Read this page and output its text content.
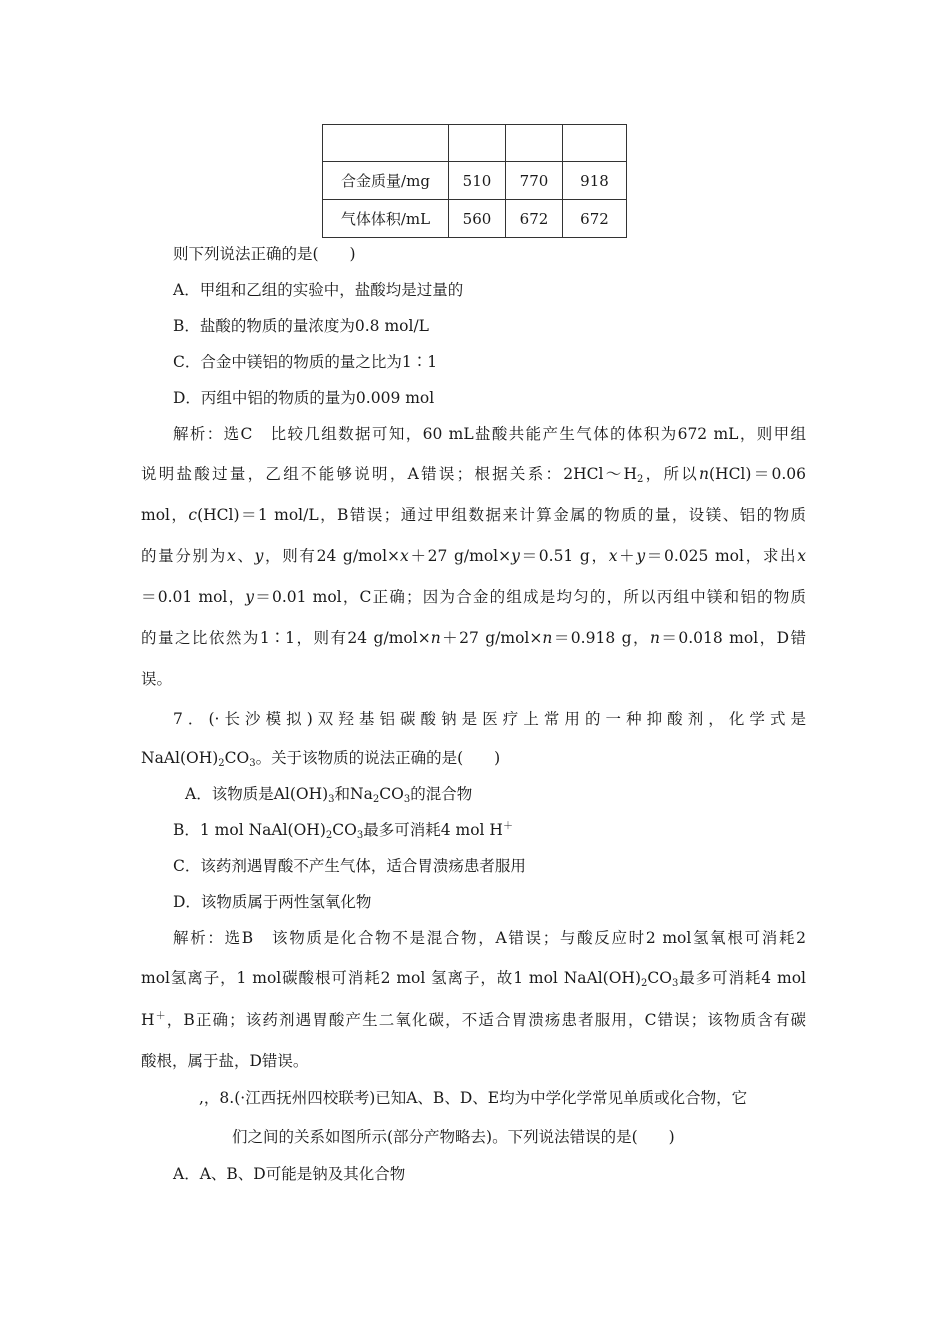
合金质量/mg	510	770	918
气体体积/mL	560	672	672
则下列说法正确的是(　　)
A．甲组和乙组的实验中，盐酸均是过量的
B．盐酸的物质的量浓度为0.8 mol/L
C．合金中镁铝的物质的量之比为1∶1
D．丙组中铝的物质的量为0.009 mol
解析：选C　比较几组数据可知，60 mL盐酸共能产生气体的体积为672 mL，则甲组
说明盐酸过量，乙组不能够说明，A错误；根据关系：$2HCl\sim H_2$，所以n(HCl)＝0.06
mol，c(HCl)＝1 mol/L，B错误；通过甲组数据来计算金属的物质的量，设镁、铝的物质
的量分别为x、y，则有24 g/mol×x＋27 g/mol×y＝0.51 g，x＋y＝0.025 mol，求出x
＝0.01 mol，y＝0.01 mol，C正确；因为合金的组成是均匀的，所以丙组中镁和铝的物质
的量之比依然为1∶1，则有24 g/mol×n＋27 g/mol×n＝0.918 g，n＝0.018 mol，D错
误。
7．(·长沙模拟)双羟基铝碳酸钠是医疗上常用的一种抑酸剂，化学式是
$NaAl(OH)_2CO_3$。关于该物质的说法正确的是(　　)
A．该物质是$Al(OH)_3$和$Na_2CO_3$的混合物
B．1 mol $NaAl(OH)_2CO_3$最多可消耗4 mol H＋
C．该药剂遇胃酸不产生气体，适合胃溃疡患者服用
D．该物质属于两性氢氧化物
解析：选B　该物质是化合物不是混合物，A错误；与酸反应时2 mol氢氧根可消耗2
mol氢离子，1 mol碳酸根可消耗2 mol 氢离子，故1 mol $NaAl(OH)_2CO_3$最多可消耗4 mol
H＋，B正确；该药剂遇胃酸产生二氧化碳，不适合胃溃疡患者服用，C错误；该物质含有碳
酸根，属于盐，D错误。
,，8.(·江西抚州四校联考)已知A、B、D、E均为中学化学常见单质或化合物，它
们之间的关系如图所示(部分产物略去)。下列说法错误的是(　　)
A．A、B、D可能是钠及其化合物
